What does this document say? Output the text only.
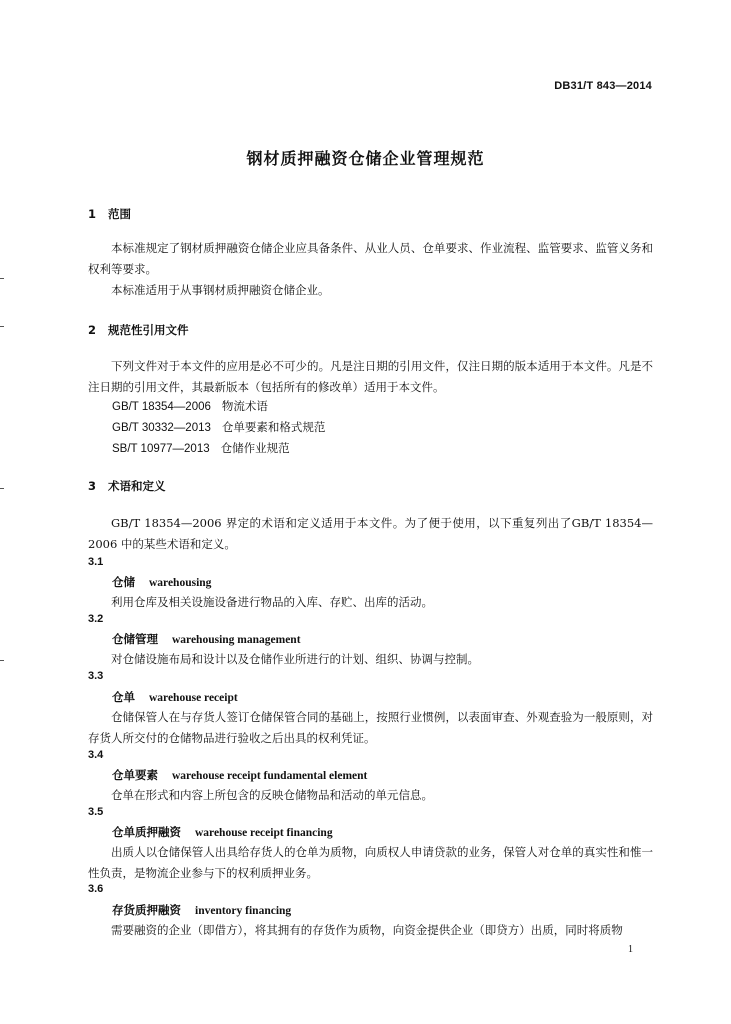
DB31/T 843—2014
钢材质押融资仓储企业管理规范
1 范围
本标准规定了钢材质押融资仓储企业应具备条件、从业人员、仓单要求、作业流程、监管要求、监管义务和权利等要求。
本标准适用于从事钢材质押融资仓储企业。
2 规范性引用文件
下列文件对于本文件的应用是必不可少的。凡是注日期的引用文件，仅注日期的版本适用于本文件。凡是不注日期的引用文件，其最新版本（包括所有的修改单）适用于本文件。
GB/T 18354—2006 物流术语
GB/T 30332—2013 仓单要素和格式规范
SB/T 10977—2013 仓储作业规范
3 术语和定义
GB/T 18354—2006 界定的术语和定义适用于本文件。为了便于使用，以下重复列出了GB/T 18354—2006 中的某些术语和定义。
3.1
仓储 warehousing
利用仓库及相关设施设备进行物品的入库、存贮、出库的活动。
3.2
仓储管理 warehousing management
对仓储设施布局和设计以及仓储作业所进行的计划、组织、协调与控制。
3.3
仓单 warehouse receipt
仓储保管人在与存货人签订仓储保管合同的基础上，按照行业惯例，以表面审查、外观查验为一般原则，对存货人所交付的仓储物品进行验收之后出具的权利凭证。
3.4
仓单要素 warehouse receipt fundamental element
仓单在形式和内容上所包含的反映仓储物品和活动的单元信息。
3.5
仓单质押融资 warehouse receipt financing
出质人以仓储保管人出具给存货人的仓单为质物，向质权人申请贷款的业务，保管人对仓单的真实性和惟一性负责，是物流企业参与下的权利质押业务。
3.6
存货质押融资 inventory financing
需要融资的企业（即借方），将其拥有的存货作为质物，向资金提供企业（即贷方）出质，同时将质物
1
